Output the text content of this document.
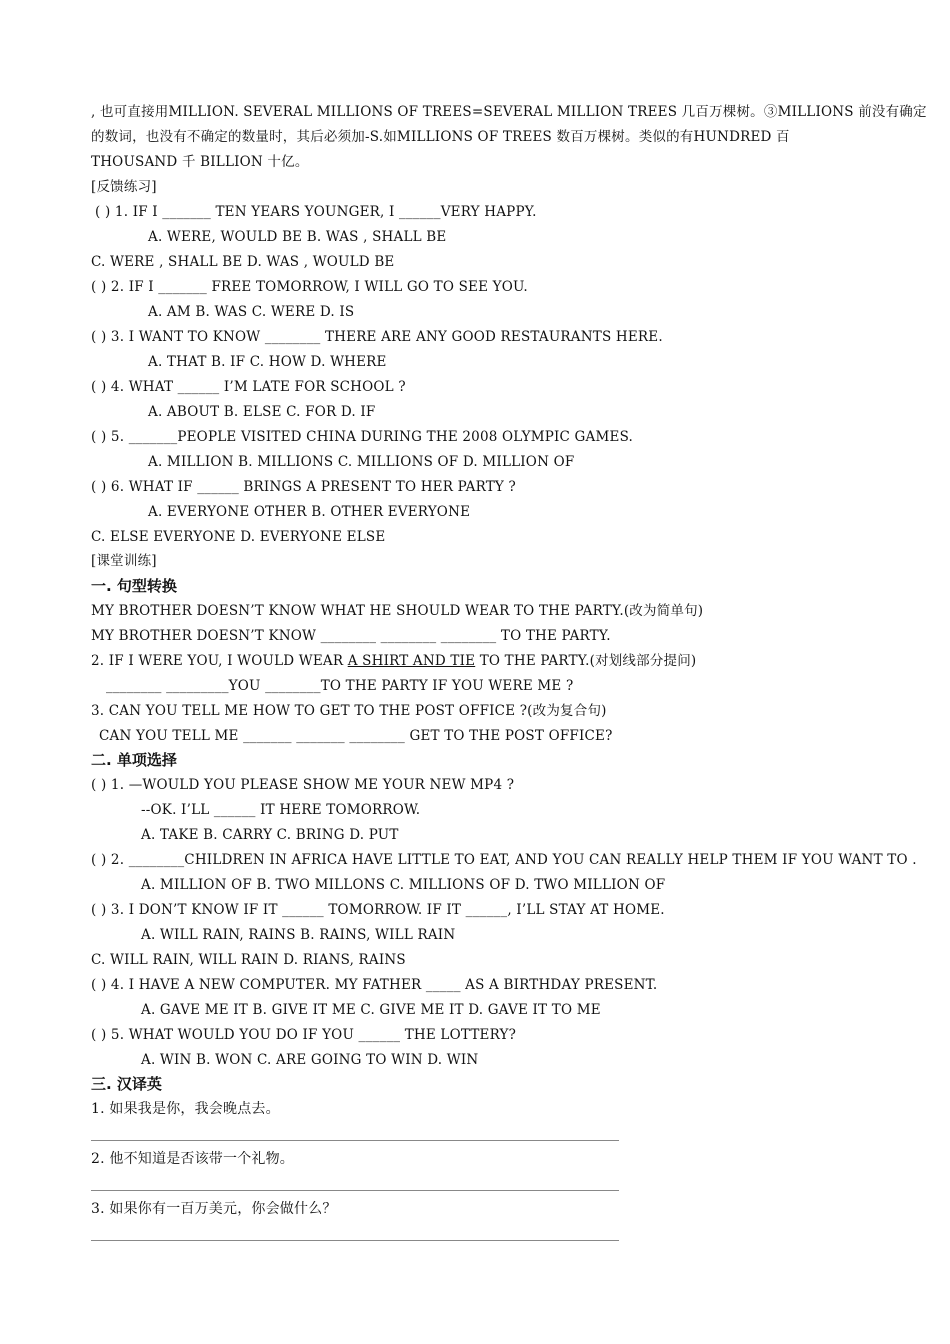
, 也可直接用MILLION. SEVERAL MILLIONS OF TREES=SEVERAL MILLION TREES 几百万棵树。③MILLIONS 前没有确定
的数词，也没有不确定的数量时，其后必须加-S.如MILLIONS OF TREES 数百万棵树。类似的有HUNDRED 百
THOUSAND 千 BILLION 十亿。
[反馈练习]
( ) 1. IF I _______ TEN YEARS YOUNGER, I ______VERY HAPPY.
A. WERE, WOULD BE B. WAS , SHALL BE
C. WERE , SHALL BE D. WAS , WOULD BE
( ) 2. IF I _______ FREE TOMORROW, I WILL GO TO SEE YOU.
A. AM B. WAS C. WERE D. IS
( ) 3. I WANT TO KNOW ________ THERE ARE ANY GOOD RESTAURANTS HERE.
A. THAT B. IF C. HOW D. WHERE
( ) 4. WHAT ______ I’M LATE FOR SCHOOL ?
A. ABOUT B. ELSE C. FOR D. IF
( ) 5. _______PEOPLE VISITED CHINA DURING THE 2008 OLYMPIC GAMES.
A. MILLION B. MILLIONS C. MILLIONS OF D. MILLION OF
( ) 6. WHAT IF ______ BRINGS A PRESENT TO HER PARTY ?
A. EVERYONE OTHER B. OTHER EVERYONE
C. ELSE EVERYONE D. EVERYONE ELSE
[课堂训练]
一. 句型转换
MY BROTHER DOESN’T KNOW WHAT HE SHOULD WEAR TO THE PARTY.(改为简单句)
MY BROTHER DOESN’T KNOW ________ ________ ________ TO THE PARTY.
2. IF I WERE YOU, I WOULD WEAR A SHIRT AND TIE TO THE PARTY.(对划线部分提问)
________ _________YOU ________TO THE PARTY IF YOU WERE ME ?
3. CAN YOU TELL ME HOW TO GET TO THE POST OFFICE ?(改为复合句)
CAN YOU TELL ME _______ _______ ________ GET TO THE POST OFFICE?
二. 单项选择
( ) 1. —WOULD YOU PLEASE SHOW ME YOUR NEW MP4 ?
--OK. I’LL ______ IT HERE TOMORROW.
A. TAKE B. CARRY C. BRING D. PUT
( ) 2. ________CHILDREN IN AFRICA HAVE LITTLE TO EAT, AND YOU CAN REALLY HELP THEM IF YOU WANT TO .
A. MILLION OF B. TWO MILLONS C. MILLIONS OF D. TWO MILLION OF
( ) 3. I DON’T KNOW IF IT ______ TOMORROW. IF IT ______, I’LL STAY AT HOME.
A. WILL RAIN, RAINS B. RAINS, WILL RAIN
C. WILL RAIN, WILL RAIN D. RIANS, RAINS
( ) 4. I HAVE A NEW COMPUTER. MY FATHER _____ AS A BIRTHDAY PRESENT.
A. GAVE ME IT B. GIVE IT ME C. GIVE ME IT D. GAVE IT TO ME
( ) 5. WHAT WOULD YOU DO IF YOU ______ THE LOTTERY?
A. WIN B. WON C. ARE GOING TO WIN D. WIN
三. 汉译英
1. 如果我是你，我会晚点去。
2. 他不知道是否该带一个礼物。
3. 如果你有一百万美元，你会做什么？
